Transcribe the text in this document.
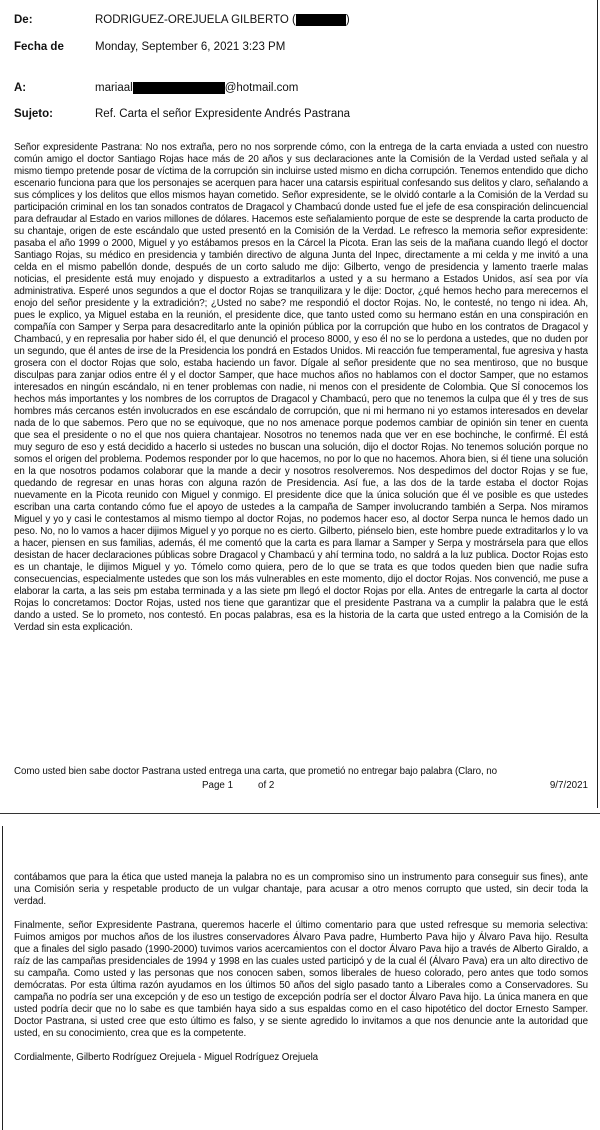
De:	RODRIGUEZ-OREJUELA GILBERTO (	)
Fecha de	Monday, September 6, 2021 3:23 PM
A:	mariaal	@hotmail.com
Sujeto:	Ref. Carta el señor Expresidente Andrés Pastrana

Señor expresidente Pastrana: No nos extraña, pero no nos sorprende cómo, con la entrega de la carta enviada a usted con nuestro común amigo el doctor Santiago Rojas hace más de 20 años y sus declaraciones ante la Comisión de la Verdad usted señala y al mismo tiempo pretende posar de víctima de la corrupción sin incluirse usted mismo en dicha corrupción. Tenemos entendido que dicho escenario funciona para que los personajes se acerquen para hacer una catarsis espiritual confesando sus delitos y claro, señalando a sus cómplices y los delitos que ellos mismos hayan cometido. Señor expresidente, se le olvidó contarle a la Comisión de la Verdad su participación criminal en los tan sonados contratos de Dragacol y Chambacú donde usted fue el jefe de esa conspiración delincuencial para defraudar al Estado en varios millones de dólares. Hacemos este señalamiento porque de este se desprende la carta producto de su chantaje, origen de este escándalo que usted presentó en la Comisión de la Verdad. Le refresco la memoria señor expresidente: pasaba el año 1999 o 2000, Miguel y yo estábamos presos en la Cárcel la Picota. Eran las seis de la mañana cuando llegó el doctor Santiago Rojas, su médico en presidencia y también directivo de alguna Junta del Inpec, directamente a mi celda y me invitó a una celda en el mismo pabellón donde, después de un corto saludo me dijo: Gilberto, vengo de presidencia y lamento traerle malas noticias, el presidente está muy enojado y dispuesto a extraditarlos a usted y a su hermano a Estados Unidos, así sea por vía administrativa. Esperé unos segundos a que el doctor Rojas se tranquilizara y le dije: Doctor, ¿qué hemos hecho para merecernos el enojo del señor presidente y la extradición?; ¿Usted no sabe? me respondió el doctor Rojas. No, le contesté, no tengo ni idea. Ah, pues le explico, ya Miguel estaba en la reunión, el presidente dice, que tanto usted como su hermano están en una conspiración en compañía con Samper y Serpa para desacreditarlo ante la opinión pública por la corrupción que hubo en los contratos de Dragacol y Chambacú, y en represalia por haber sido él, el que denunció el proceso 8000, y eso él no se lo perdona a ustedes, que no duden por un segundo, que él antes de irse de la Presidencia los pondrá en Estados Unidos. Mi reacción fue temperamental, fue agresiva y hasta grosera con el doctor Rojas que solo, estaba haciendo un favor. Dígale al señor presidente que no sea mentiroso, que no busque disculpas para zanjar odios entre él y el doctor Samper, que hace muchos años no hablamos con el doctor Samper, que no estamos interesados en ningún escándalo, ni en tener problemas con nadie, ni menos con el presidente de Colombia. Que SÍ conocemos los hechos más importantes y los nombres de los corruptos de Dragacol y Chambacú, pero que no tenemos la culpa que él y tres de sus hombres más cercanos estén involucrados en ese escándalo de corrupción, que ni mi hermano ni yo estamos interesados en develar nada de lo que sabemos. Pero que no se equivoque, que no nos amenace porque podemos cambiar de opinión sin tener en cuenta que sea el presidente o no el que nos quiera chantajear. Nosotros no tenemos nada que ver en ese bochinche, le confirmé. Él está muy seguro de eso y está decidido a hacerlo si ustedes no buscan una solución, dijo el doctor Rojas. No tenemos solución porque no somos el origen del problema. Podemos responder por lo que hacemos, no por lo que no hacemos. Ahora bien, si él tiene una solución en la que nosotros podamos colaborar que la mande a decir y nosotros resolveremos. Nos despedimos del doctor Rojas y se fue, quedando de regresar en unas horas con alguna razón de Presidencia. Así fue, a las dos de la tarde estaba el doctor Rojas nuevamente en la Picota reunido con Miguel y conmigo. El presidente dice que la única solución que él ve posible es que ustedes escriban una carta contando cómo fue el apoyo de ustedes a la campaña de Samper involucrando también a Serpa. Nos miramos Miguel y yo y casi le contestamos al mismo tiempo al doctor Rojas, no podemos hacer eso, al doctor Serpa nunca le hemos dado un peso. No, no lo vamos a hacer dijimos Miguel y yo porque no es cierto. Gilberto, piénselo bien, este hombre puede extraditarlos y lo va a hacer, piensen en sus familias, además, él me comentó que la carta es para llamar a Samper y Serpa y mostrársela para que ellos desistan de hacer declaraciones públicas sobre Dragacol y Chambacú y ahí termina todo, no saldrá a la luz publica. Doctor Rojas esto es un chantaje, le dijimos Miguel y yo. Tómelo como quiera, pero de lo que se trata es que todos queden bien que nadie sufra consecuencias, especialmente ustedes que son los más vulnerables en este momento, dijo el doctor Rojas. Nos convenció, me puse a elaborar la carta, a las seis pm estaba terminada y a las siete pm llegó el doctor Rojas por ella. Antes de entregarle la carta al doctor Rojas lo concretamos: Doctor Rojas, usted nos tiene que garantizar que el presidente Pastrana va a cumplir la palabra que le está dando a usted. Se lo prometo, nos contestó. En pocas palabras, esa es la historia de la carta que usted entrego a la Comisión de la Verdad sin esta explicación.

Como usted bien sabe doctor Pastrana usted entrega una carta, que prometió no entregar bajo palabra (Claro, no
Page 1	of 2	9/7/2021

contábamos que para la ética que usted maneja la palabra no es un compromiso sino un instrumento para conseguir sus fines), ante una Comisión seria y respetable producto de un vulgar chantaje, para acusar a otro menos corrupto que usted, sin decir toda la verdad.

Finalmente, señor Expresidente Pastrana, queremos hacerle el último comentario para que usted refresque su memoria selectiva: Fuimos amigos por muchos años de los ilustres conservadores Álvaro Pava padre, Humberto Pava hijo y Álvaro Pava hijo. Resulta que a finales del siglo pasado (1990-2000) tuvimos varios acercamientos con el doctor Álvaro Pava hijo a través de Alberto Giraldo, a raíz de las campañas presidenciales de 1994 y 1998 en las cuales usted participó y de la cual él (Álvaro Pava) era un alto directivo de su campaña. Como usted y las personas que nos conocen saben, somos liberales de hueso colorado, pero antes que todo somos demócratas. Por esta última razón ayudamos en los últimos 50 años del siglo pasado tanto a Liberales como a Conservadores. Su campaña no podría ser una excepción y de eso un testigo de excepción podría ser el doctor Álvaro Pava hijo. La única manera en que usted podría decir que no lo sabe es que también haya sido a sus espaldas como en el caso hipotético del doctor Ernesto Samper. Doctor Pastrana, si usted cree que esto último es falso, y se siente agredido lo invitamos a que nos denuncie ante la autoridad que usted, en su conocimiento, crea que es la competente.

Cordialmente, Gilberto Rodríguez Orejuela - Miguel Rodríguez Orejuela
